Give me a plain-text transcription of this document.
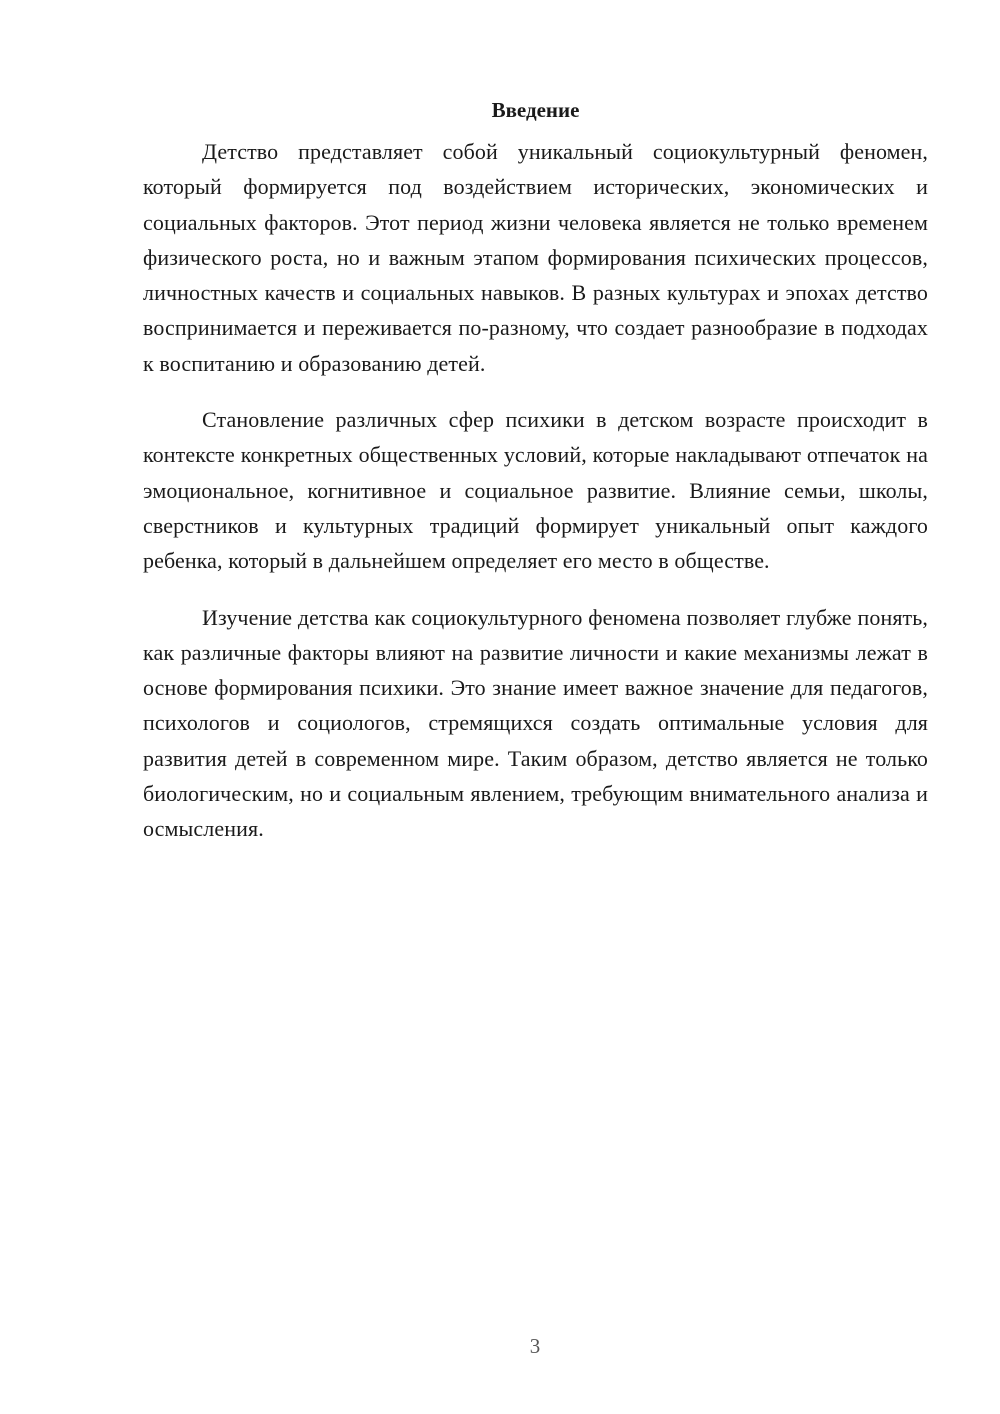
Введение

Детство представляет собой уникальный социокультурный феномен, который формируется под воздействием исторических, экономических и социальных факторов. Этот период жизни человека является не только временем физического роста, но и важным этапом формирования психических процессов, личностных качеств и социальных навыков. В разных культурах и эпохах детство воспринимается и переживается по-разному, что создает разнообразие в подходах к воспитанию и образованию детей.

Становление различных сфер психики в детском возрасте происходит в контексте конкретных общественных условий, которые накладывают отпечаток на эмоциональное, когнитивное и социальное развитие. Влияние семьи, школы, сверстников и культурных традиций формирует уникальный опыт каждого ребенка, который в дальнейшем определяет его место в обществе.

Изучение детства как социокультурного феномена позволяет глубже понять, как различные факторы влияют на развитие личности и какие механизмы лежат в основе формирования психики. Это знание имеет важное значение для педагогов, психологов и социологов, стремящихся создать оптимальные условия для развития детей в современном мире. Таким образом, детство является не только биологическим, но и социальным явлением, требующим внимательного анализа и осмысления.

3
